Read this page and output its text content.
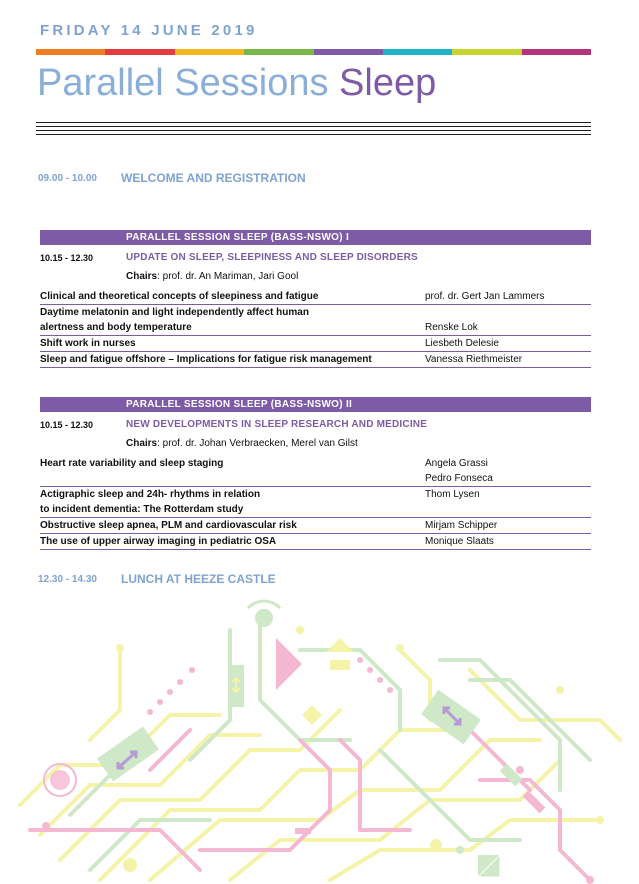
FRIDAY 14 JUNE 2019
Parallel Sessions Sleep
09.00 - 10.00 WELCOME AND REGISTRATION
PARALLEL SESSION SLEEP (BASS-NSWO) I
10.15 - 12.30	UPDATE ON SLEEP, SLEEPINESS AND SLEEP DISORDERS
Chairs: prof. dr. An Mariman, Jari Gool
Clinical and theoretical concepts of sleepiness and fatigue	prof. dr. Gert Jan Lammers

Daytime melatonin and light independently affect human
alertness and body temperature	Renske Lok

Shift work in nurses	Liesbeth Delesie
Sleep and fatigue offshore – Implications for fatigue risk management	Vanessa Riethmeister
PARALLEL SESSION SLEEP (BASS-NSWO) II
10.15 - 12.30	NEW DEVELOPMENTS IN SLEEP RESEARCH AND MEDICINE
Chairs: prof. dr. Johan Verbraecken, Merel van Gilst
Heart rate variability and sleep staging	Angela Grassi
Pedro Fonseca

Actigraphic sleep and 24h- rhythms in relation
to incident dementia: The Rotterdam study	Thom Lysen

Obstructive sleep apnea, PLM and cardiovascular risk	Mirjam Schipper
The use of upper airway imaging in pediatric OSA	Monique Slaats
12.30 - 14.30 LUNCH AT HEEZE CASTLE
